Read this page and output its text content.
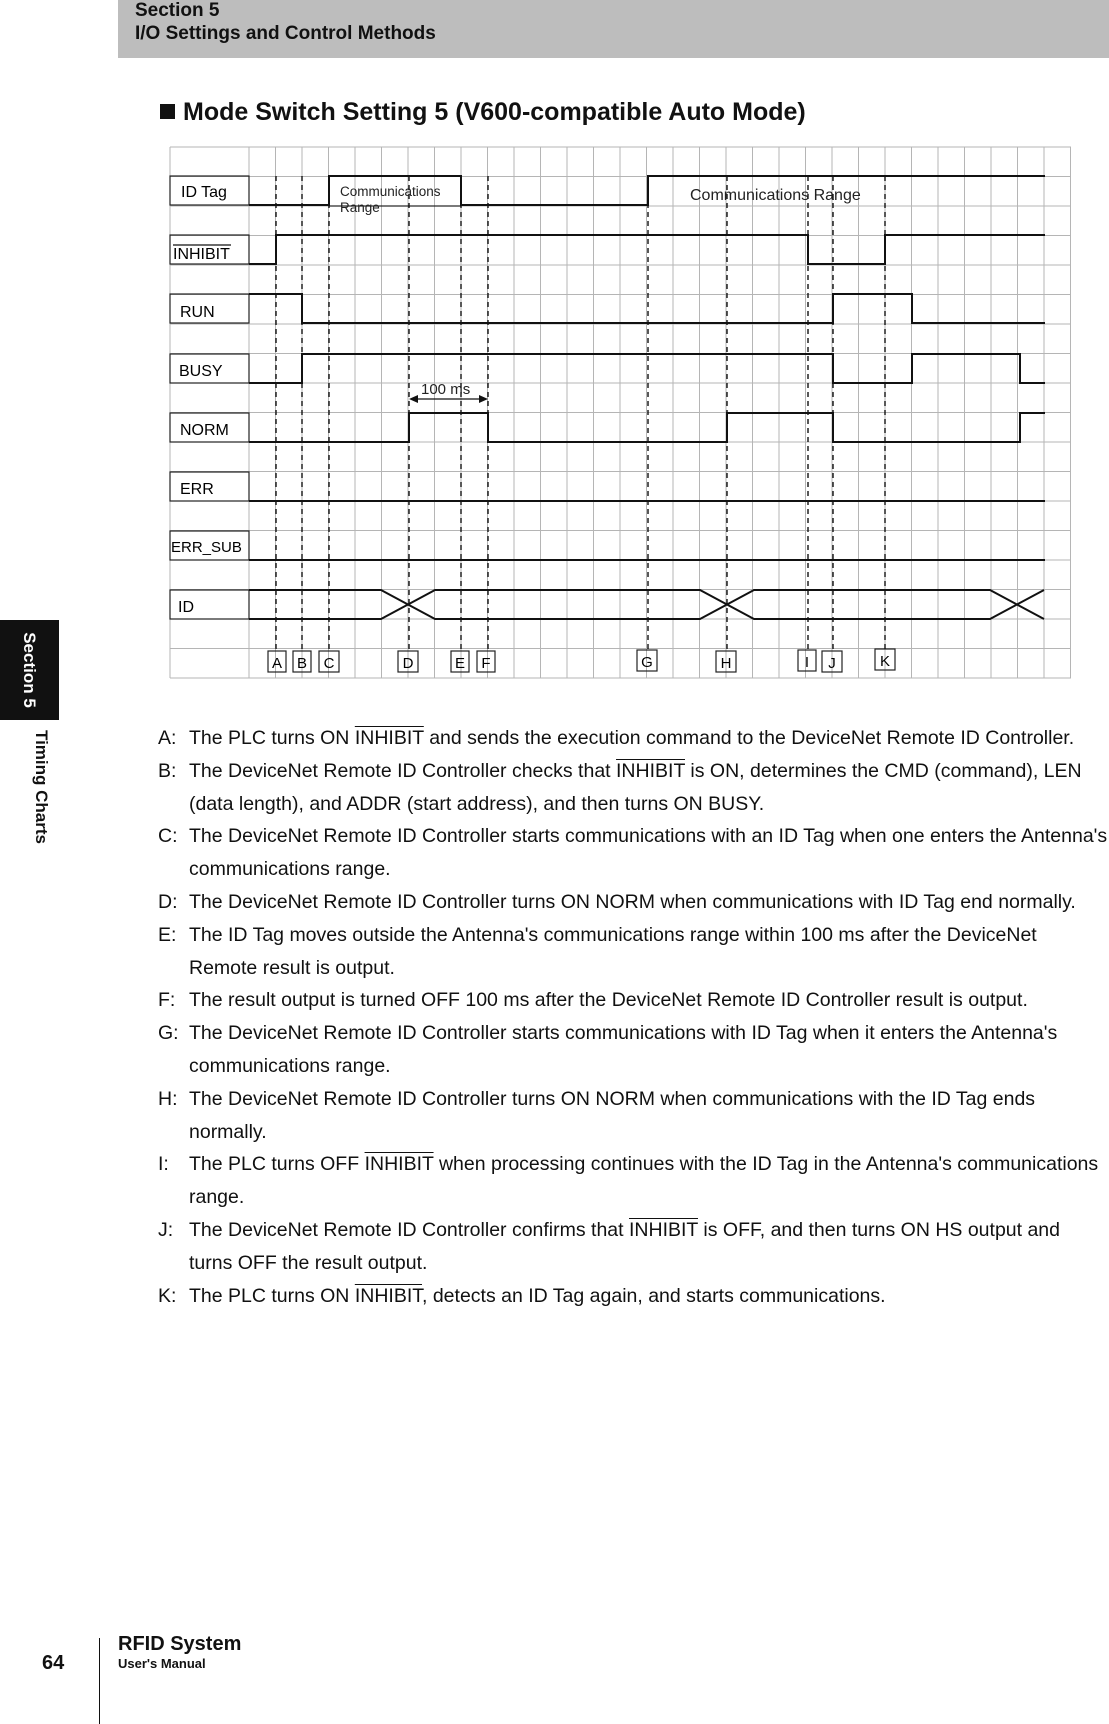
Section 5
I/O Settings and Control Methods
Section 5
Timing Charts
Mode Switch Setting 5 (V600-compatible Auto Mode)
ID Tag
INHIBIT
RUN
BUSY
NORM
ERR
ERR_SUB
ID
Communications
Range
Communications Range
100 ms
A B C	D	E F	G	H	I J	K
A: The PLC turns ON INHIBIT and sends the execution command to the DeviceNet Remote ID Controller.
B: The DeviceNet Remote ID Controller checks that INHIBIT is ON, determines the CMD (command), LEN (data length), and ADDR (start address), and then turns ON BUSY.
C: The DeviceNet Remote ID Controller starts communications with an ID Tag when one enters the Antenna's communications range.
D: The DeviceNet Remote ID Controller turns ON NORM when communications with ID Tag end normally.
E: The ID Tag moves outside the Antenna's communications range within 100 ms after the DeviceNet Remote result is output.
F: The result output is turned OFF 100 ms after the DeviceNet Remote ID Controller result is output.
G: The DeviceNet Remote ID Controller starts communications with ID Tag when it enters the Antenna's communications range.
H: The DeviceNet Remote ID Controller turns ON NORM when communications with the ID Tag ends normally.
I: The PLC turns OFF INHIBIT when processing continues with the ID Tag in the Antenna's communications range.
J: The DeviceNet Remote ID Controller confirms that INHIBIT is OFF, and then turns ON HS output and turns OFF the result output.
K: The PLC turns ON INHIBIT, detects an ID Tag again, and starts communications.
64
RFID System
User's Manual
